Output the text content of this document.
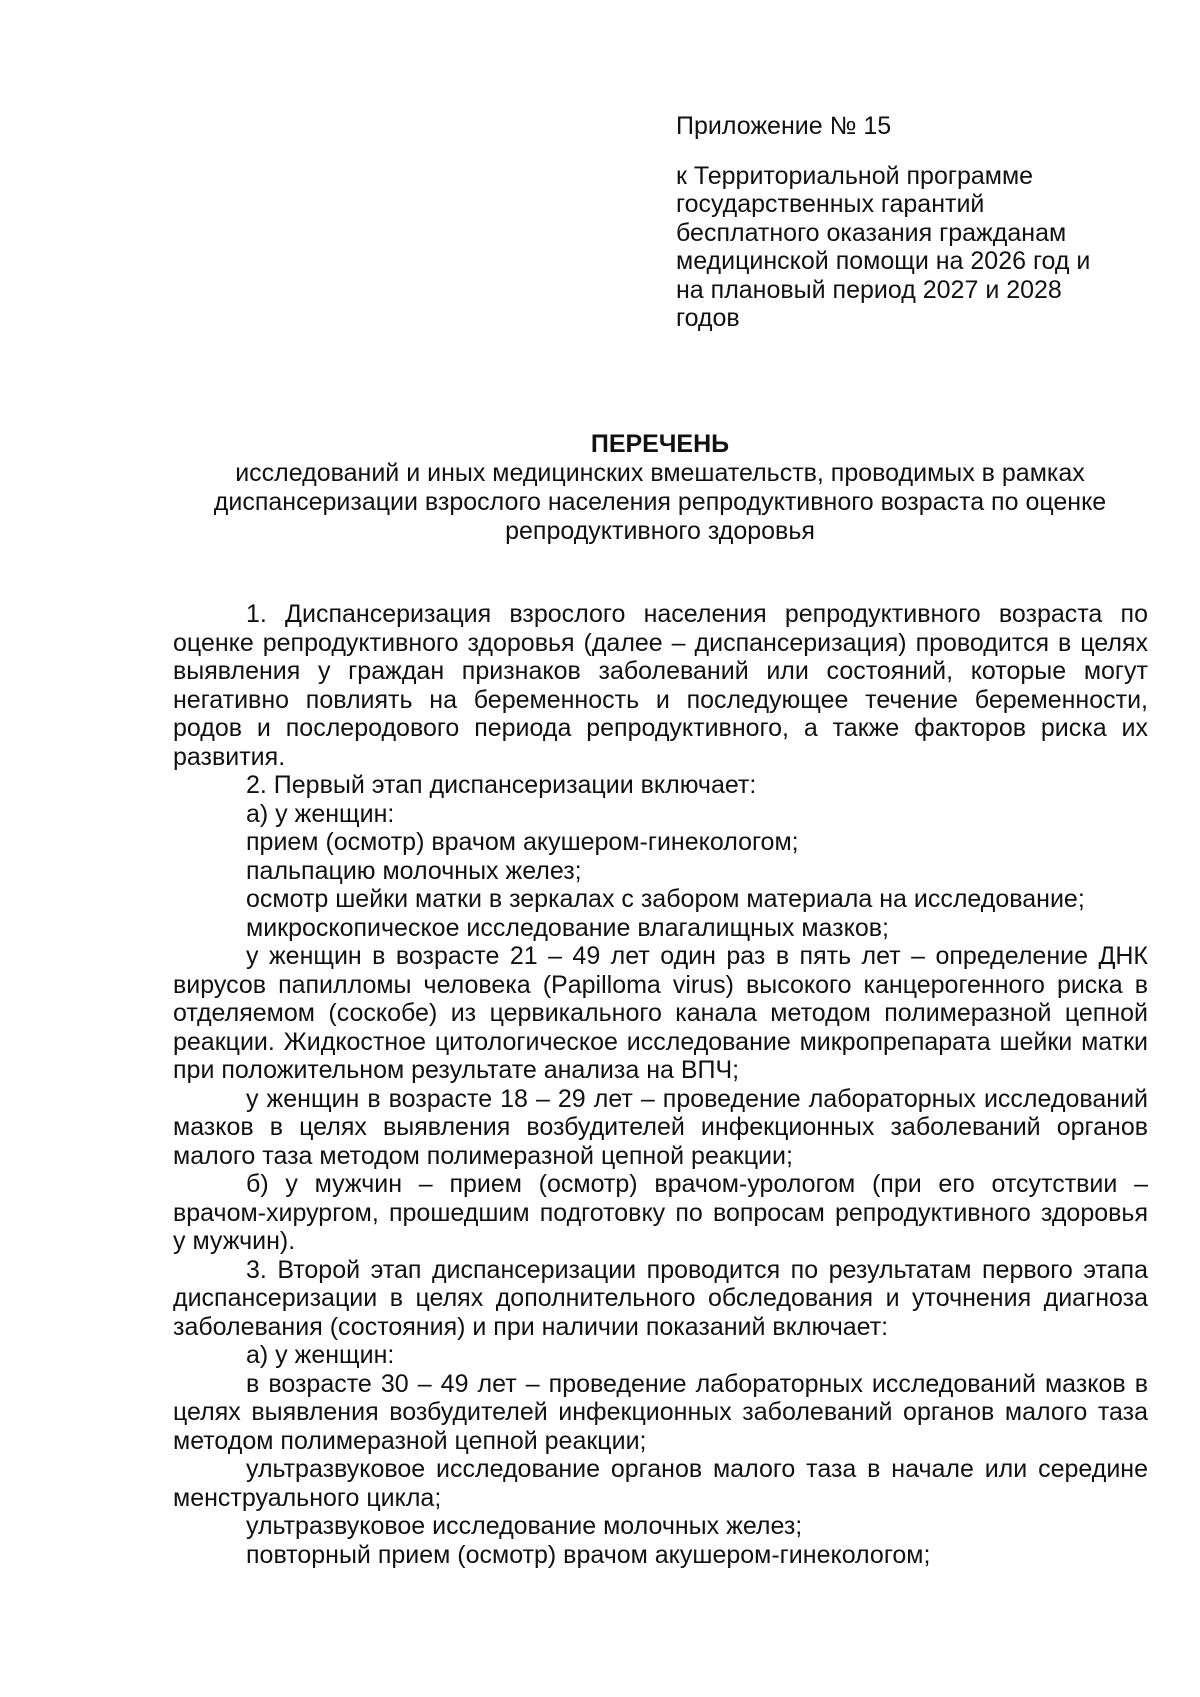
Приложение № 15
к Территориальной программе
государственных гарантий
бесплатного оказания гражданам
медицинской помощи на 2026 год и
на плановый период 2027 и 2028
годов
ПЕРЕЧЕНЬ
исследований и иных медицинских вмешательств, проводимых в рамках
диспансеризации взрослого населения репродуктивного возраста по оценке
репродуктивного здоровья

1. Диспансеризация взрослого населения репродуктивного возраста по оценке репродуктивного здоровья (далее – диспансеризация) проводится в целях выявления у граждан признаков заболеваний или состояний, которые могут негативно повлиять на беременность и последующее течение беременности, родов и послеродового периода репродуктивного, а также факторов риска их развития.

2. Первый этап диспансеризации включает:

а) у женщин:

прием (осмотр) врачом акушером-гинекологом;

пальпацию молочных желез;

осмотр шейки матки в зеркалах с забором материала на исследование;

микроскопическое исследование влагалищных мазков;

у женщин в возрасте 21 – 49 лет один раз в пять лет – определение ДНК вирусов папилломы человека (Papilloma virus) высокого канцерогенного риска в отделяемом (соскобе) из цервикального канала методом полимеразной цепной реакции. Жидкостное цитологическое исследование микропрепарата шейки матки при положительном результате анализа на ВПЧ;

у женщин в возрасте 18 – 29 лет – проведение лабораторных исследований мазков в целях выявления возбудителей инфекционных заболеваний органов малого таза методом полимеразной цепной реакции;

б) у мужчин – прием (осмотр) врачом-урологом (при его отсутствии – врачом-хирургом, прошедшим подготовку по вопросам репродуктивного здоровья у мужчин).

3. Второй этап диспансеризации проводится по результатам первого этапа диспансеризации в целях дополнительного обследования и уточнения диагноза заболевания (состояния) и при наличии показаний включает:

а) у женщин:

в возрасте 30 – 49 лет – проведение лабораторных исследований мазков в целях выявления возбудителей инфекционных заболеваний органов малого таза методом полимеразной цепной реакции;

ультразвуковое исследование органов малого таза в начале или середине менструального цикла;

ультразвуковое исследование молочных желез;

повторный прием (осмотр) врачом акушером-гинекологом;
